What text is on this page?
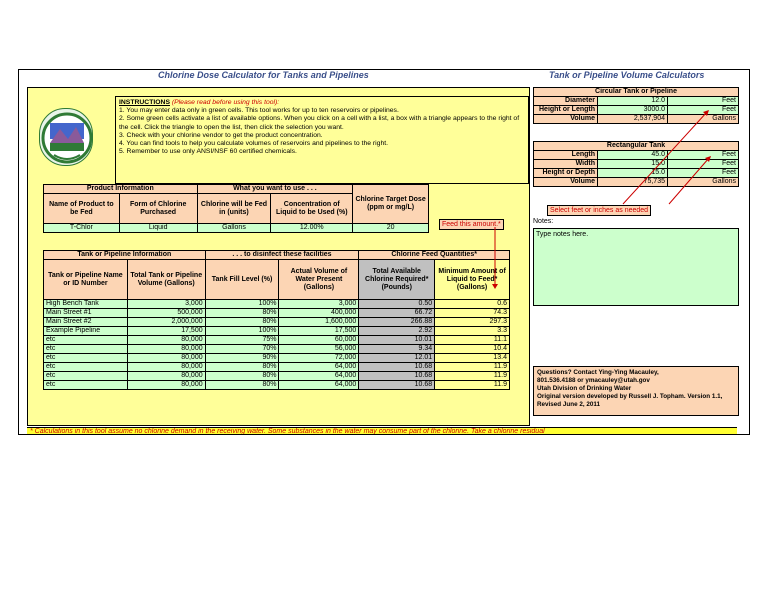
Chlorine Dose Calculator for Tanks and Pipelines	Tank or Pipeline Volume Calculators
INSTRUCTIONS (Please read before using this tool):
1. You may enter data only in green cells. This tool works for up to ten reservoirs or pipelines.
2. Some green cells activate a list of available options. When you click on a cell with a list, a box with a triangle appears to the right of the cell. Click the triangle to open the list, then click the selection you want.
3. Check with your chlorine vendor to get the product concentration.
4. You can find tools to help you calculate volumes of reservoirs and pipelines to the right.
5. Remember to use only ANSI/NSF 60 certified chemicals.
Product Information		What you want to use . . .		Chlorine Target Dose (ppm or mg/L)
Name of Product to be Fed	Form of Chlorine Purchased	Chlorine will be Fed in (units)	Concentration of Liquid to be Used (%)	
T-Chlor	Liquid	Gallons	12.00%	20	Feed this amount.*
Tank or Pipeline Information		. . . to disinfect these facilities		Chlorine Feed Quantities*	
Tank or Pipeline Name or ID Number	Total Tank or Pipeline Volume (Gallons)	Tank Fill Level (%)	Actual Volume of Water Present (Gallons)	Total Available Chlorine Required* (Pounds)	Minimum Amount of Liquid to Feed* (Gallons)
High Bench Tank	3,000	100%	3,000	0.50	0.6
Main Street #1	500,000	80%	400,000	66.72	74.3
Main Street #2	2,000,000	80%	1,600,000	266.88	297.3
Example Pipeline	17,500	100%	17,500	2.92	3.3
etc	80,000	75%	60,000	10.01	11.1
etc	80,000	70%	56,000	9.34	10.4
etc	80,000	90%	72,000	12.01	13.4
etc	80,000	80%	64,000	10.68	11.9
etc	80,000	80%	64,000	10.68	11.9
etc	80,000	80%	64,000	10.68	11.9
Circular Tank or Pipeline		
Diameter	12.0	Feet
Height or Length	3000.0	Feet
Volume	2,537,904	Gallons
Rectangular Tank		
Length	45.0	Feet
Width	15.0	Feet
Height or Depth	15.0	Feet
Volume	75,735	Gallons
Select feet or inches as needed
Notes:
Type notes here.
Questions? Contact Ying-Ying Macauley,
801.536.4188 or ymacauley@utah.gov
Utah Division of Drinking Water
Original version developed by Russell J. Topham. Version 1.1, Revised June 2, 2011
* Calculations in this tool assume no chlorine demand in the receiving water. Some substances in the water may consume part of the chlorine. Take a chlorine residual
